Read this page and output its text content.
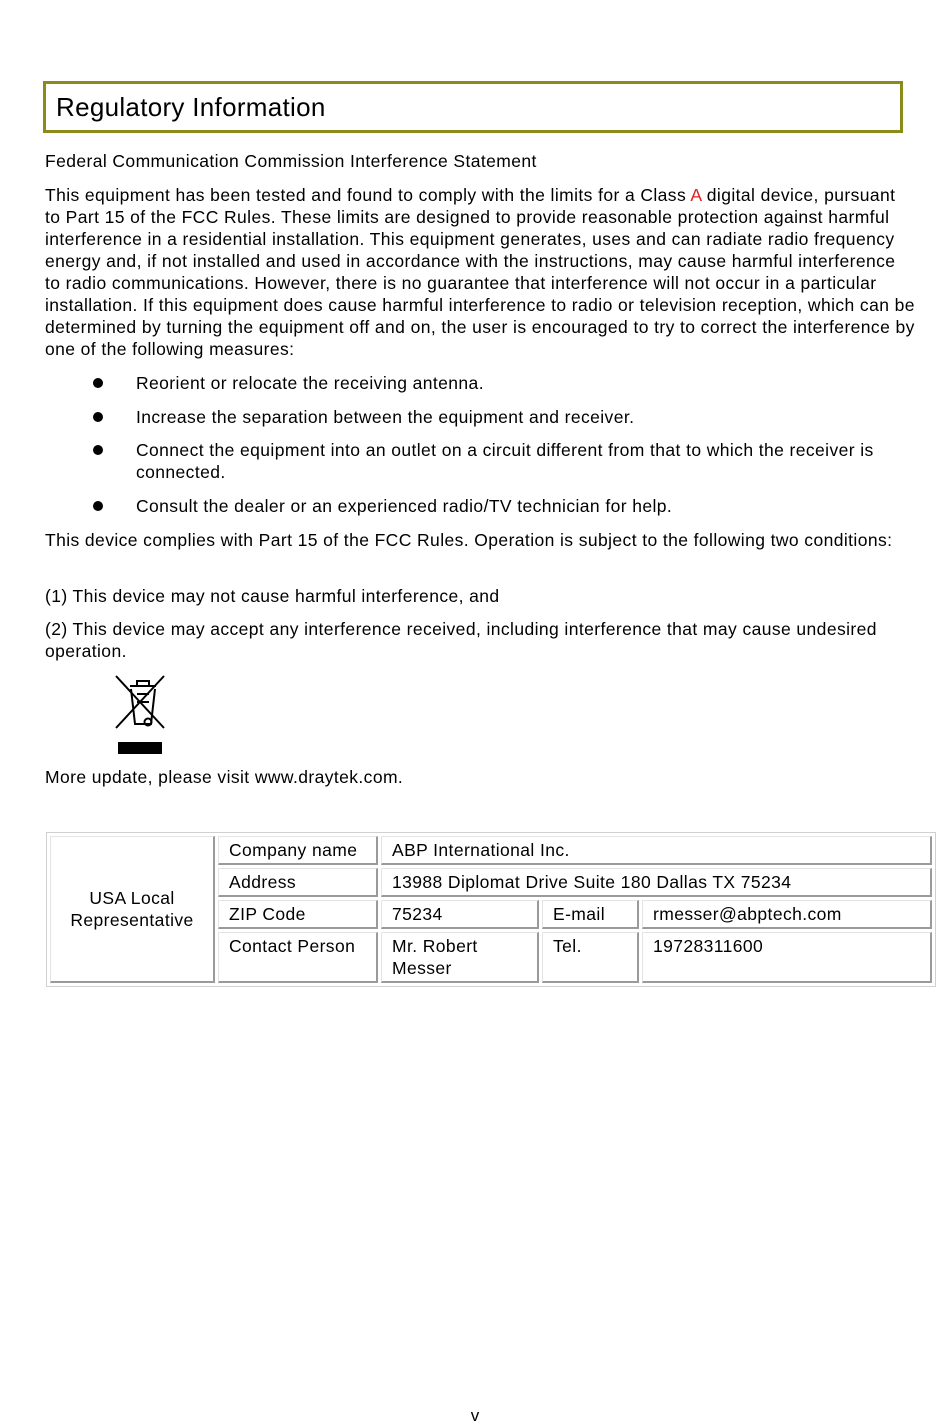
Regulatory Information
Federal Communication Commission Interference Statement
This equipment has been tested and found to comply with the limits for a Class A digital device, pursuant to Part 15 of the FCC Rules. These limits are designed to provide reasonable protection against harmful interference in a residential installation. This equipment generates, uses and can radiate radio frequency energy and, if not installed and used in accordance with the instructions, may cause harmful interference to radio communications. However, there is no guarantee that interference will not occur in a particular installation. If this equipment does cause harmful interference to radio or television reception, which can be determined by turning the equipment off and on, the user is encouraged to try to correct the interference by one of the following measures:
Reorient or relocate the receiving antenna.
Increase the separation between the equipment and receiver.
Connect the equipment into an outlet on a circuit different from that to which the receiver is connected.
Consult the dealer or an experienced radio/TV technician for help.
This device complies with Part 15 of the FCC Rules. Operation is subject to the following two conditions:
(1) This device may not cause harmful interference, and
(2) This device may accept any interference received, including interference that may cause undesired operation.
More update, please visit www.draytek.com.
USA Local Representative	Company name	ABP International Inc.		
	Address	13988 Diplomat Drive Suite 180 Dallas TX 75234		
	ZIP Code	75234	E-mail	rmesser@abptech.com
	Contact Person	Mr. Robert Messer	Tel.	19728311600
v
